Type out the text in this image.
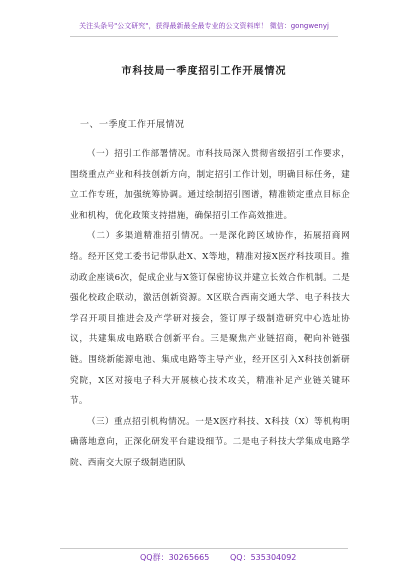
关注头条号"公文研究"，获得最新最全最专业的公文资料库！ 微信：gongwenyj
市科技局一季度招引工作开展情况
一、一季度工作开展情况

（一）招引工作部署情况。市科技局深入贯彻省级招引工作要求，围绕重点产业和科技创新方向，制定招引工作计划，明确目标任务，建立工作专班，加强统筹协调。通过绘制招引图谱，精准锁定重点目标企业和机构，优化政策支持措施，确保招引工作高效推进。

（二）多渠道精准招引情况。一是深化跨区域协作，拓展招商网络。经开区党工委书记带队赴X、X等地，精准对接X医疗科技项目。推动政企座谈6次，促成企业与X签订保密协议并建立长效合作机制。二是强化校政企联动，激活创新资源。X区联合西南交通大学、电子科技大学召开项目推进会及产学研对接会，签订厚子级制造研究中心选址协议，共建集成电路联合创新平台。三是聚焦产业链招商，靶向补链强链。围绕新能源电池、集成电路等主导产业，经开区引入X科技创新研究院，X区对接电子科大开展核心技术攻关，精准补足产业链关键环节。

（三）重点招引机构情况。一是X医疗科技、X科技（X）等机构明确落地意向，正深化研发平台建设细节。二是电子科技大学集成电路学院、西南交大原子级制造团队

QQ群：30265665	QQ：535304092
